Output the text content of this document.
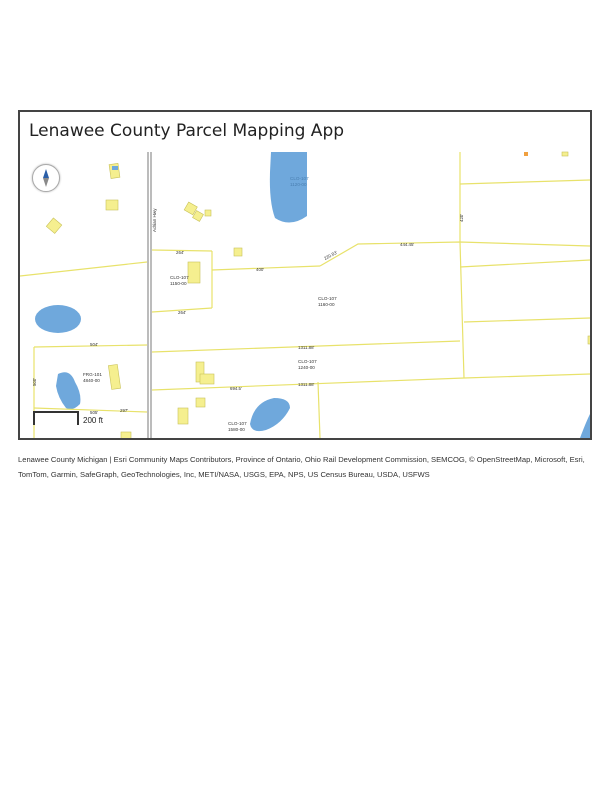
Lenawee County Parcel Mapping App
CLO-107
1150-00
CLO-107
1160-00
CLO-107
1240-00
FRG-101
4840-00
CLO-107
1580-00
CLO-107
1120-00
264'
400'
264'
444.45'
220.83'
1311.88'
1311.88'
504'
694.5'
505'	297'
500'
420'
Adrian Hwy
200 ft
Lenawee County Michigan | Esri Community Maps Contributors, Province of Ontario, Ohio Rail Development Commission, SEMCOG, © OpenStreetMap, Microsoft, Esri, TomTom, Garmin, SafeGraph, GeoTechnologies, Inc, METI/NASA, USGS, EPA, NPS, US Census Bureau, USDA, USFWS
